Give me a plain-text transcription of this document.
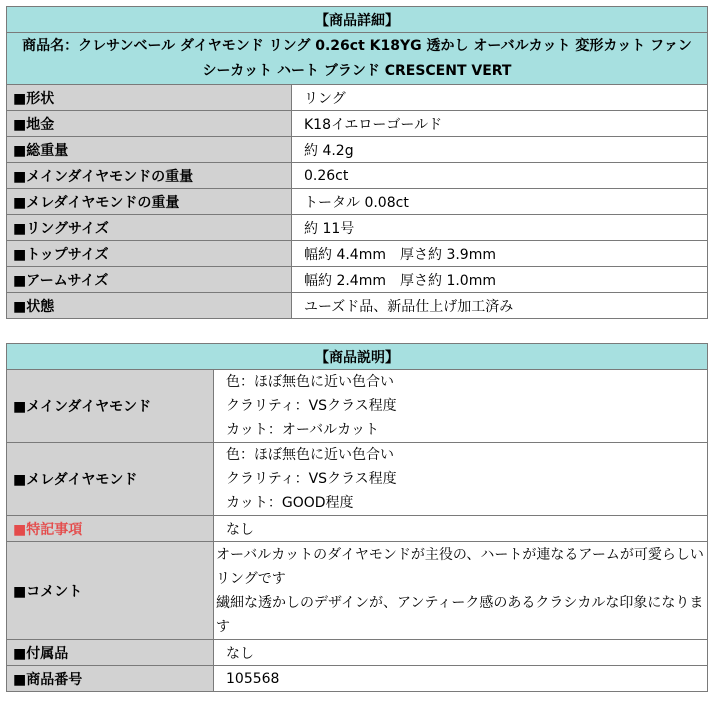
【商品詳細】	
商品名：クレサンベール ダイヤモンド リング 0.26ct K18YG 透かし オーバルカット 変形カット ファンシーカット ハート ブランド CRESCENT VERT	
■形状	リング
■地金	K18イエローゴールド
■総重量	約 4.2g
■メインダイヤモンドの重量	0.26ct
■メレダイヤモンドの重量	トータル 0.08ct
■リングサイズ	約 11号
■トップサイズ	幅約 4.4mm　厚さ約 3.9mm
■アームサイズ	幅約 2.4mm　厚さ約 1.0mm
■状態	ユーズド品、新品仕上げ加工済み
【商品説明】	
■メインダイヤモンド	色：ほぼ無色に近い色合い
クラリティ：VSクラス程度
カット：オーバルカット

■メレダイヤモンド	色：ほぼ無色に近い色合い
クラリティ：VSクラス程度
カット：GOOD程度

■特記事項	なし
■コメント	オーバルカットのダイヤモンドが主役の、ハートが連なるアームが可愛らしいリングです
繊細な透かしのデザインが、アンティーク感のあるクラシカルな印象になります

■付属品	なし
■商品番号	105568
